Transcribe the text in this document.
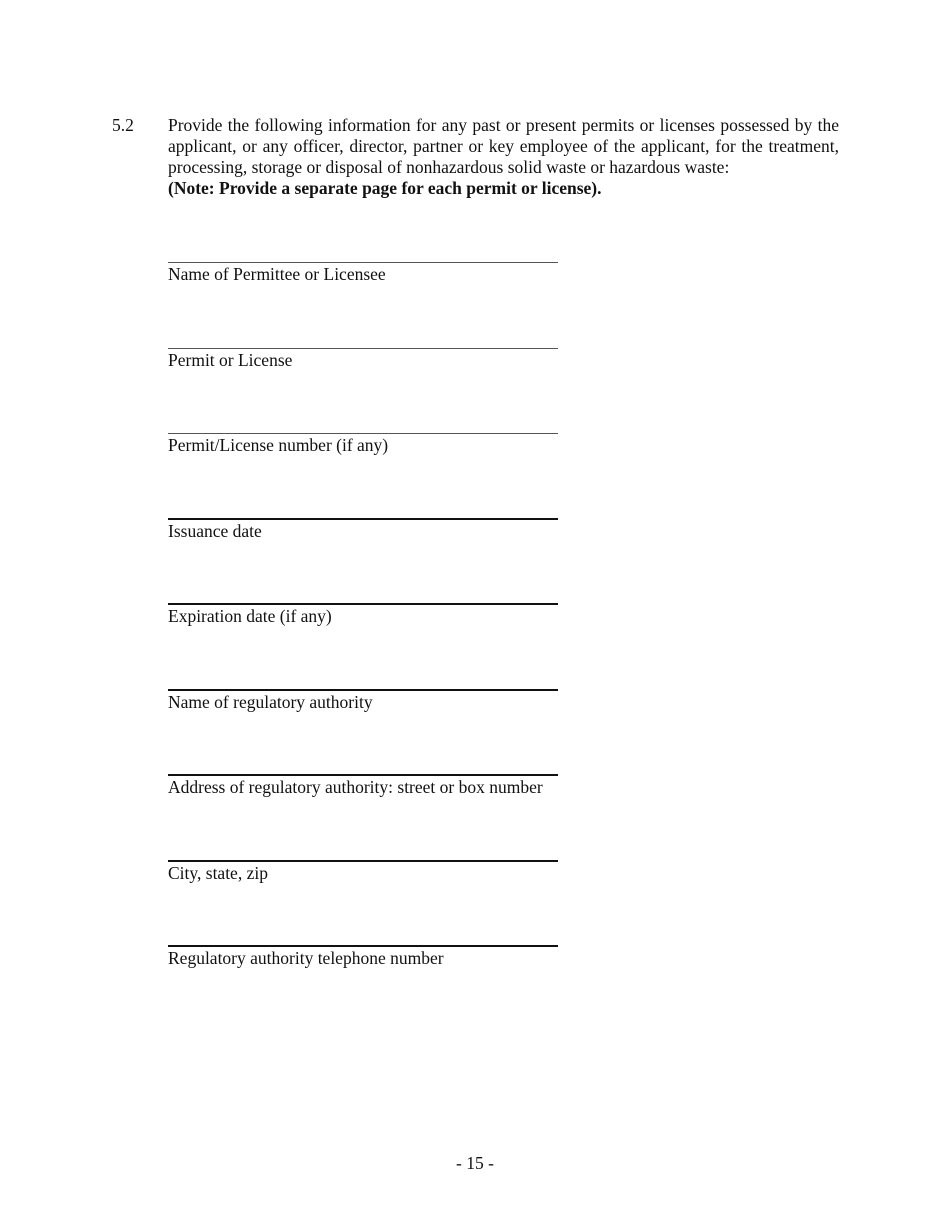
5.2 Provide the following information for any past or present permits or licenses possessed by the applicant, or any officer, director, partner or key employee of the applicant, for the treatment, processing, storage or disposal of nonhazardous solid waste or hazardous waste:

(Note: Provide a separate page for each permit or license).

Name of Permittee or Licensee
Permit or License
Permit/License number (if any)
Issuance date
Expiration date (if any)
Name of regulatory authority
Address of regulatory authority: street or box number
City, state, zip
Regulatory authority telephone number
- 15 -
